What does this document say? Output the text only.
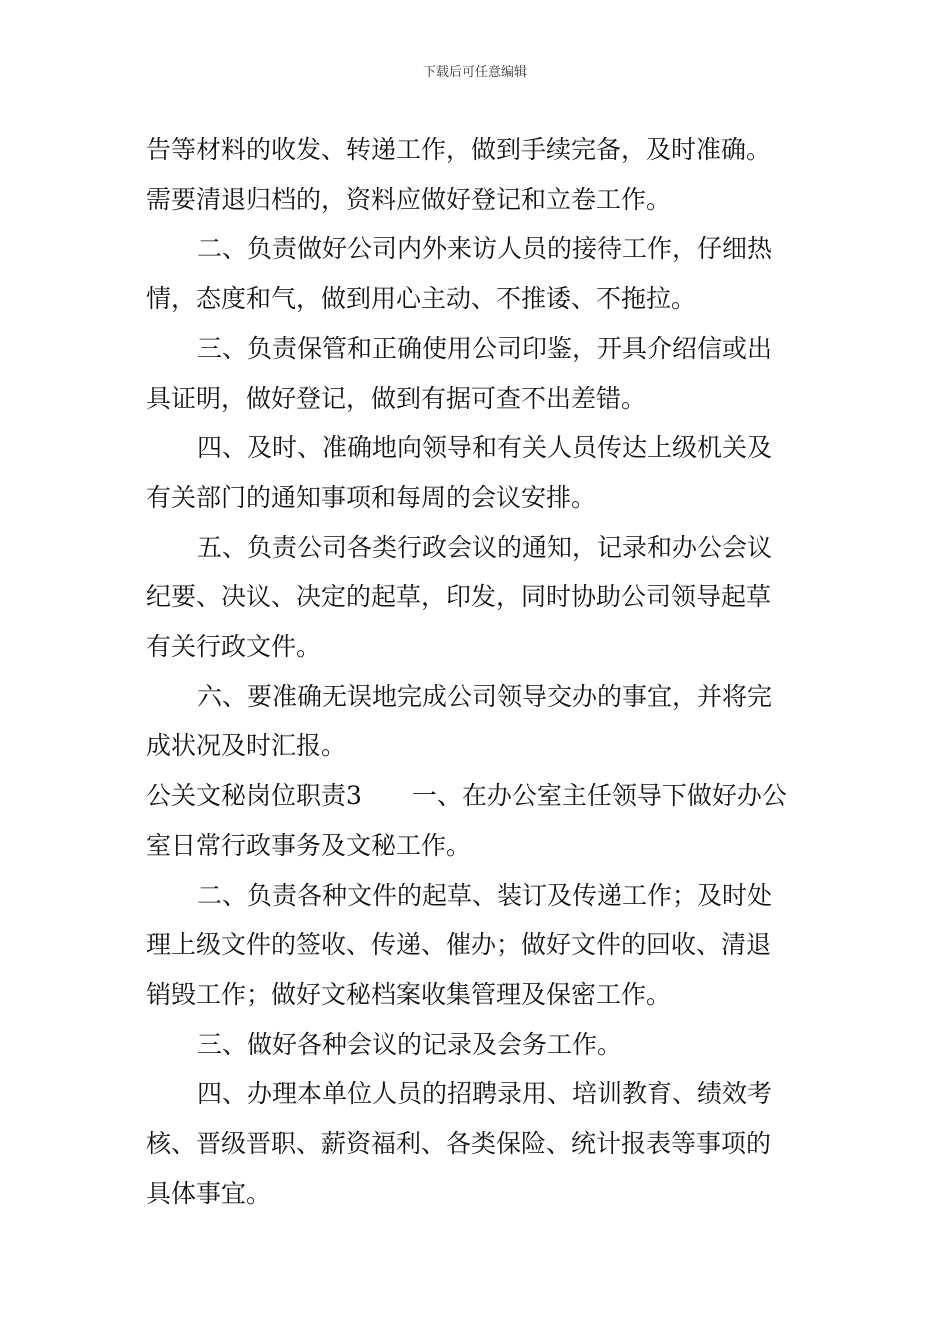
下载后可任意编辑

告等材料的收发、转递工作，做到手续完备，及时准确。

需要清退归档的，资料应做好登记和立卷工作。

二、负责做好公司内外来访人员的接待工作，仔细热

情，态度和气，做到用心主动、不推诿、不拖拉。

三、负责保管和正确使用公司印鉴，开具介绍信或出

具证明，做好登记，做到有据可查不出差错。

四、及时、准确地向领导和有关人员传达上级机关及

有关部门的通知事项和每周的会议安排。

五、负责公司各类行政会议的通知，记录和办公会议

纪要、决议、决定的起草，印发，同时协助公司领导起草

有关行政文件。

六、要准确无误地完成公司领导交办的事宜，并将完

成状况及时汇报。

公关文秘岗位职责3　　一、在办公室主任领导下做好办公

室日常行政事务及文秘工作。

二、负责各种文件的起草、装订及传递工作；及时处

理上级文件的签收、传递、催办；做好文件的回收、清退

销毁工作；做好文秘档案收集管理及保密工作。

三、做好各种会议的记录及会务工作。

四、办理本单位人员的招聘录用、培训教育、绩效考

核、晋级晋职、薪资福利、各类保险、统计报表等事项的

具体事宜。
